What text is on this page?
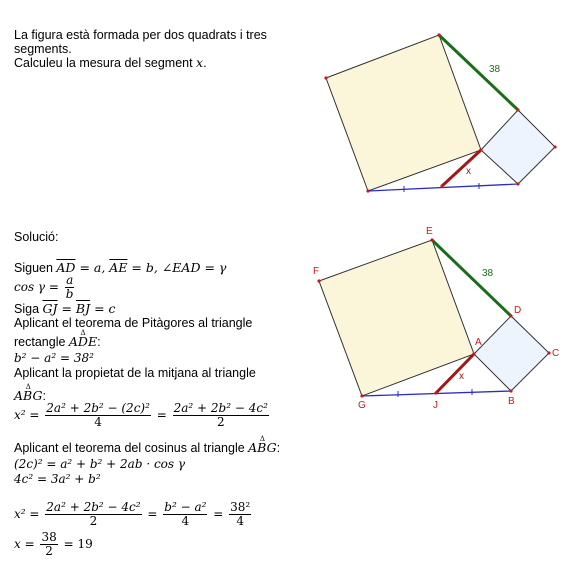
La figura està formada per dos quadrats i tres
segments.
Calculeu la mesura del segment x.	38
x
Solució:
Siguen $\overline{AD} = a$, $\overline{AE} = b$, ∠EAD = γ
$\cos \gamma = \frac{a}{b}$
Siga $\overline{GJ} = \overline{BJ} = c$
Aplicant el teorema de Pitàgores al triangle
rectangle Δ ADE:
b² − a² = 38²
Aplicant la propietat de la mitjana al triangle
Δ ABG:
$x^2 = \frac{\text{2a² + 2b² − (2c)²}}{4} = \frac{\text{2a² + 2b² − 4c²}}{2}$
Aplicant el teorema del cosinus al triangle Δ ABG:
(2c)² = a² + b² + 2ab · cos γ
4c² = 3a² + b²
$x^2 = \frac{\text{2a² + 2b² − 4c²}}{2} = \frac{\text{b² − a²}}{4} = \frac{\text{38²}}{4}$
$x = \frac{38}{2} = 19$
E
F
D
C
A
G	J	B
38
x
